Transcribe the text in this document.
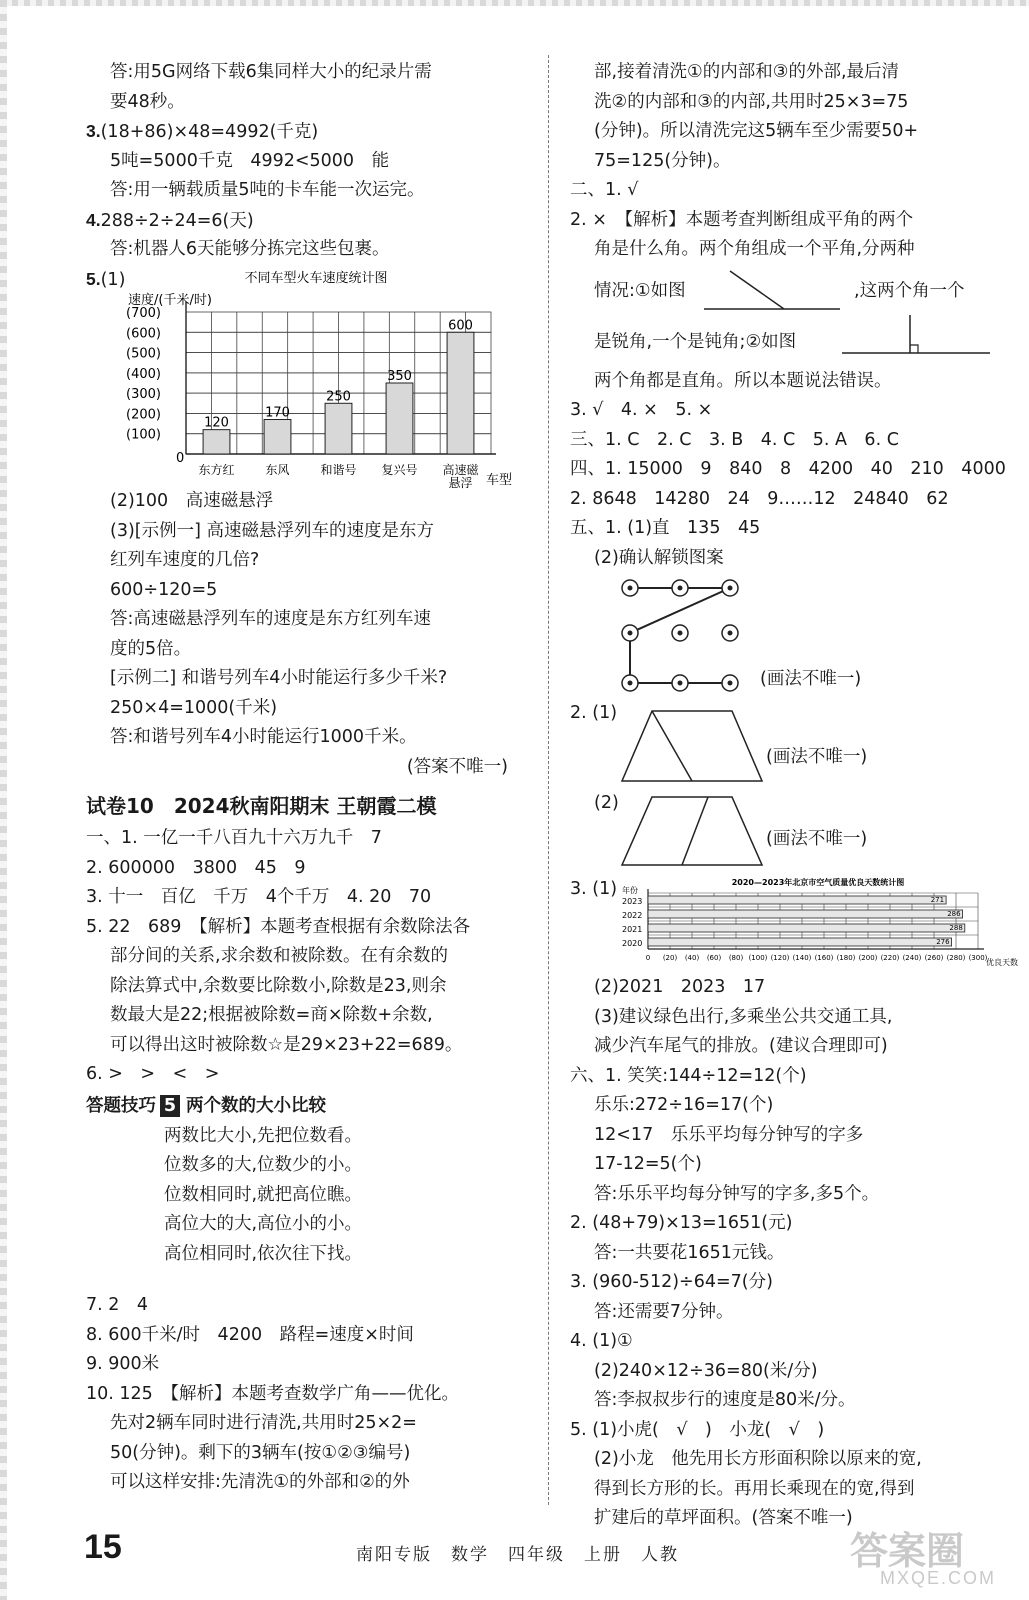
答:用5G网络下载6集同样大小的纪录片需
要48秒。
3.(18+86)×48=4992(千克)
5吨=5000千克　4992<5000　能
答:用一辆载质量5吨的卡车能一次运完。
4.288÷2÷24=6(天)
答:机器人6天能够分拣完这些包裹。
5.(1)	不同车型火车速度统计图
速度/(千米/时)
(700)
(600)
(500)
(400)
(300)
(200)
(100)
120
东方红
170
东风
250
和谐号
350
复兴号
600
高速磁
悬浮
0
车型
(2)100　高速磁悬浮
(3)[示例一] 高速磁悬浮列车的速度是东方
红列车速度的几倍?
600÷120=5
答:高速磁悬浮列车的速度是东方红列车速
度的5倍。
[示例二] 和谐号列车4小时能运行多少千米?
250×4=1000(千米)
答:和谐号列车4小时能运行1000千米。
(答案不唯一)
试卷10　2024秋南阳期末 王朝霞二模
一、1. 一亿一千八百九十六万九千　7
2. 600000　3800　45　9
3. 十一　百亿　千万　4个千万　4. 20　70
5. 22　689　【解析】本题考查根据有余数除法各
部分间的关系,求余数和被除数。在有余数的
除法算式中,余数要比除数小,除数是23,则余
数最大是22;根据被除数=商×除数+余数,
可以得出这时被除数☆是29×23+22=689。
6. >　>　<　>
答题技巧 5 两个数的大小比较
两数比大小,先把位数看。
位数多的大,位数少的小。
位数相同时,就把高位瞧。
高位大的大,高位小的小。
高位相同时,依次往下找。
7. 2　4
8. 600千米/时　4200　路程=速度×时间
9. 900米
10. 125　【解析】本题考查数学广角——优化。
先对2辆车同时进行清洗,共用时25×2=
50(分钟)。剩下的3辆车(按①②③编号)
可以这样安排:先清洗①的外部和②的外
部,接着清洗①的内部和③的外部,最后清
洗②的内部和③的内部,共用时25×3=75
(分钟)。所以清洗完这5辆车至少需要50+
75=125(分钟)。
二、1. √
2. ×　【解析】本题考查判断组成平角的两个
角是什么角。两个角组成一个平角,分两种
情况:①如图	,这两个角一个
是锐角,一个是钝角;②如图
两个角都是直角。所以本题说法错误。
3. √　4. ×　5. ×
三、1. C　2. C　3. B　4. C　5. A　6. C
四、1. 15000　9　840　8　4200　40　210　4000
2. 8648　14280　24　9……12　24840　62
五、1. (1)直　135　45
(2)确认解锁图案
(画法不唯一)
2. (1)
(画法不唯一)
(2)
(画法不唯一)
3. (1)	2020—2023年北京市空气质量优良天数统计图
年份
2023
2022
2021
2020
0 (20) (40) (60) (80) (100) (120) (140) (160) (180) (200) (220) (240) (260) (280) (300)
271
286
288
276
优良天数
(2)2021　2023　17
(3)建议绿色出行,多乘坐公共交通工具,
减少汽车尾气的排放。(建议合理即可)
六、1. 笑笑:144÷12=12(个)
乐乐:272÷16=17(个)
12<17　乐乐平均每分钟写的字多
17-12=5(个)
答:乐乐平均每分钟写的字多,多5个。
2. (48+79)×13=1651(元)
答:一共要花1651元钱。
3. (960-512)÷64=7(分)
答:还需要7分钟。
4. (1)①
(2)240×12÷36=80(米/分)
答:李叔叔步行的速度是80米/分。
5. (1)小虎(　√　)　小龙(　√　)
(2)小龙　他先用长方形面积除以原来的宽,
得到长方形的长。再用长乘现在的宽,得到
扩建后的草坪面积。(答案不唯一)
15	南阳专版　数学　四年级　上册　人教	答案圈
MXQE.COM
